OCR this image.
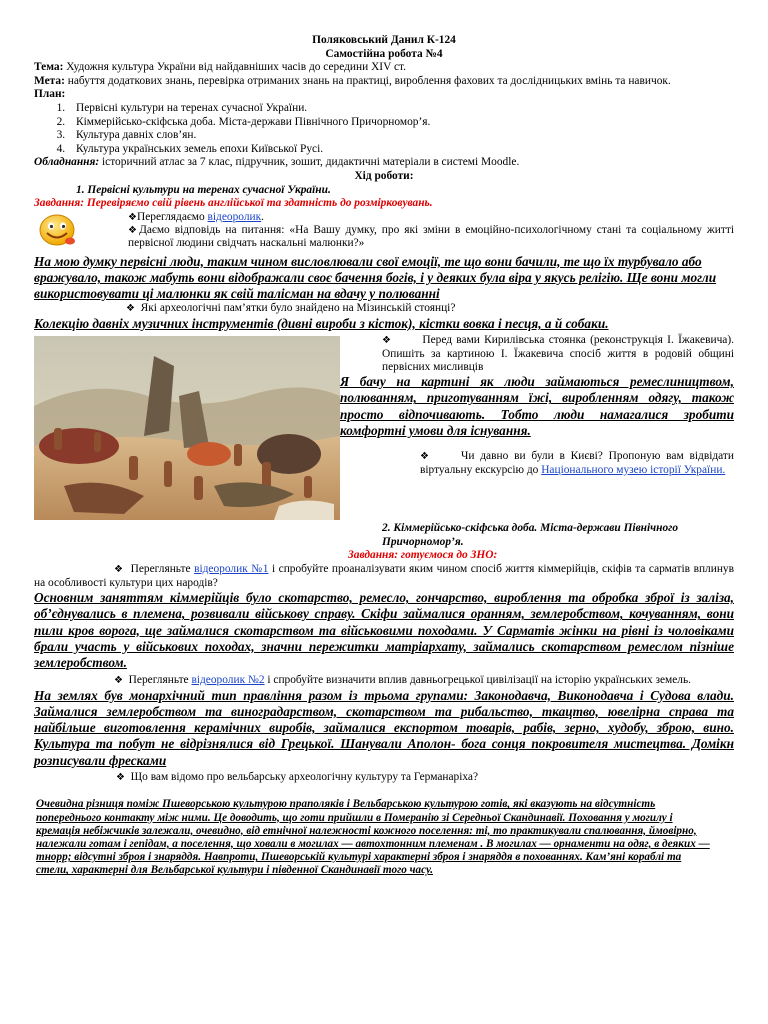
Поляковський Данил К-124
Самостійна робота №4
Тема: Художня культура України від найдавніших часів до середини XIV ст.
Мета: набуття додаткових знань, перевірка отриманих знань на практиці, вироблення фахових та дослідницьких вмінь та навичок.
План:
1. Первісні культури на теренах сучасної України.
2. Кіммерійсько-скіфська доба. Міста-держави Північного Причорномор’я.
3. Культура давніх слов’ян.
4. Культура українських земель епохи Київської Русі.
Обладнання: історичний атлас за 7 клас, підручник, зошит, дидактичні матеріали в системі Moodle.
Хід роботи:
1. Первісні культури на теренах сучасної України.
Завдання: Перевіряємо свій рівень англійської та здатність до розмірковувань.
❖Переглядаємо відеоролик.
❖Даємо відповідь на питання: «На Вашу думку, про які зміни в емоційно-психологічному стані та соціальному житті первісної людини свідчать наскальні малюнки?»
На мою думку первісні люди, таким чином висловлювали свої емоції, те що вони бачили, те що їх турбувало або вражувало, також мабуть вони відображали своє бачення богів, і у деяких була віра у якусь релігію. Ще вони могли використовувати ці малюнки як свій талісман на вдачу у полюванні
❖ Які археологічні пам’ятки було знайдено на Мізинській стоянці?
Колекцію давніх музичних інструментів (дивні вироби з кісток), кістки вовка і песця, а й собаки.
❖	Перед вами Кирилівська стоянка (реконструкція І. Їжакевича). Опишіть за картиною І. Їжакевича спосіб життя в родовій общині первісних мисливців
Я бачу на картині як люди займаються ремеслиництвом, полюванням, приготуванням їжі, виробленням одягу, також просто відпочивають. Тобто люди намагалися зробити комфортні умови для існування.
❖	Чи давно ви були в Києві? Пропоную вам відвідати віртуальну екскурсію до Національного музею історії України.
2. Кіммерійсько-скіфська доба. Міста-держави Північного Причорномор’я.
Завдання: готуємося до ЗНО:
❖ Перегляньте відеоролик №1 і спробуйте проаналізувати яким чином спосіб життя кіммерійців, скіфів та сарматів вплинув на особливості культури цих народів?
Основним заняттям кіммерійців було скотарство, ремесло, гончарство, вироблення та обробка зброї із заліза, об’єднувались в племена, розвивали військову справу. Скіфи займалися оранням, землеробством, кочуванням, вони пили кров ворога, ще займалися скотарством та військовими походами. У Сарматів жінки на рівні із чоловіками брали участь у військових походах, значни пережитки матріархату, займались скотарством ремеслом пізніше землеробством.
❖ Перегляньте відеоролик №2 і спробуйте визначити вплив давньогрецької цивілізації на історію українських земель.
На землях був монархічний тип правління разом із трьома групами: Законодавча, Виконодавча і Судова влади. Займалися землеробством та виноградарством, скотарством та рибальство, ткацтво, ювелірна справа та найбільше виготовлення керамічних виробів, займалися експортом товарів, рабів, зерно, худобу, зброю, вино. Культура та побут не відрізнялися від Грецької. Шанували Аполон- бога сонця покровителя мистецтва. Домікн розписували фресками
❖ Що вам відомо про вельбарську археологічну культуру та Германаріха?
Очевидна різниця поміж Пшеворською культурою праполяків і Вельбарською культурою готів, які вказують на відсутність попереднього контакту між ними. Це доводить, що готи прийшли в Померанію зі Середньої Скандинавії. Поховання у могилу і кремація небіжчиків залежали, очевидно, від етнічної належності кожного поселення: ті, то практикували спалювання, ймовірно, належали готам і гепідам, а поселення, що ховали в могилах — автохтонним племенам . В могилах — орнаменти на одяг, в деяких — тнорр; відсутні зброя і знаряддя. Навпроти, Пшеворській культурі характерні зброя і знаряддя в похованнях. Кам’яні кораблі та стели, характерні для Вельбарської культури і південної Скандинавії того часу.
